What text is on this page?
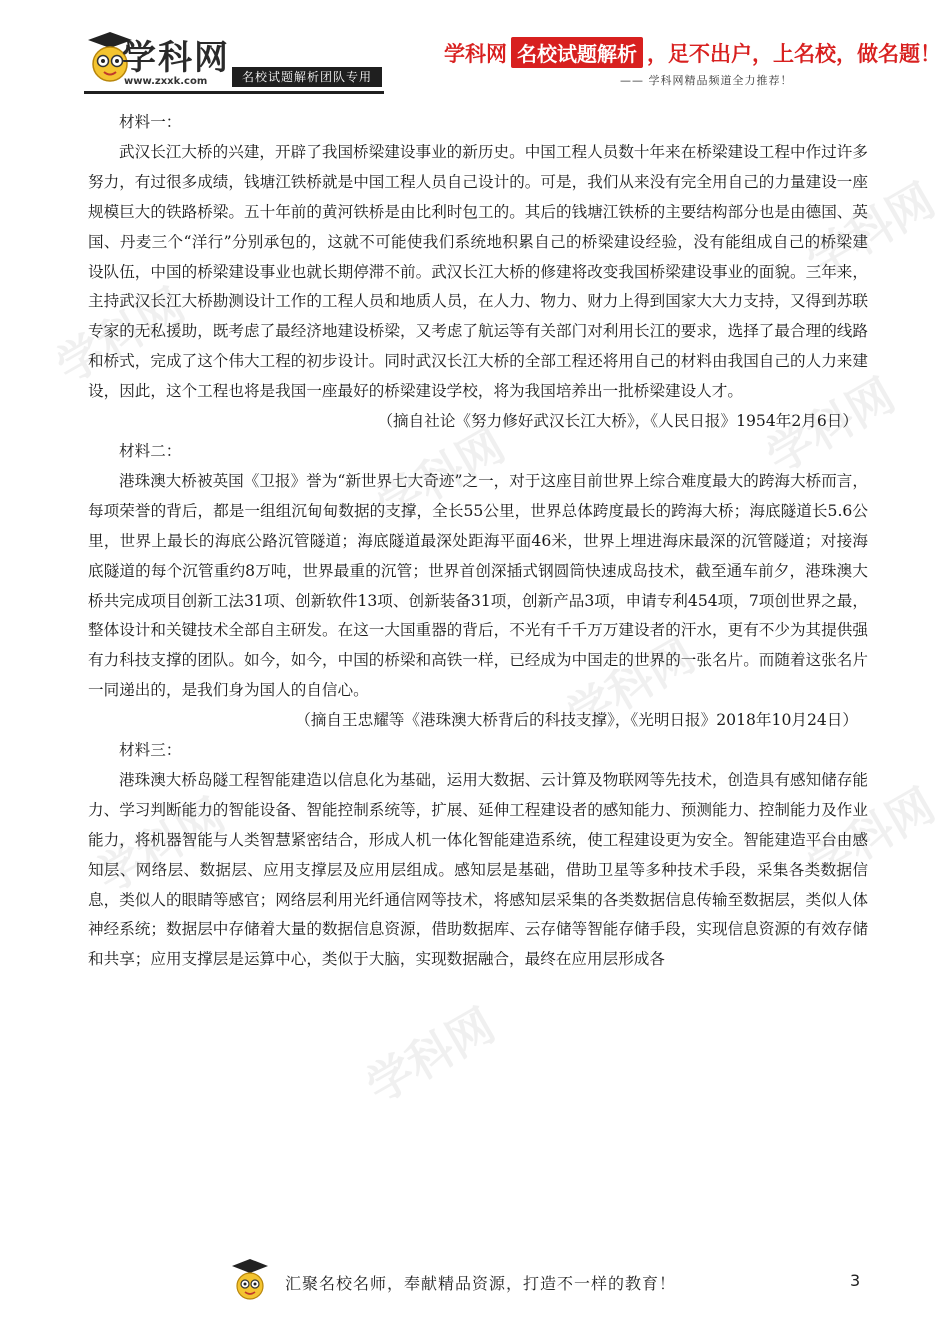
学科网
www.zxxk.com	名校试题解析团队专用
学科网 名校试题解析 ，足不出户，上名校，做名题！
—— 学科网精品频道全力推荐！
学科网
学科网
学科网	学科网
学科网
学科网	学科网
学科网

材料一：

武汉长江大桥的兴建，开辟了我国桥梁建设事业的新历史。中国工程人员数十年来在桥梁建设工程中作过许多努力，有过很多成绩，钱塘江铁桥就是中国工程人员自己设计的。可是，我们从来没有完全用自己的力量建设一座规模巨大的铁路桥梁。五十年前的黄河铁桥是由比利时包工的。其后的钱塘江铁桥的主要结构部分也是由德国、英国、丹麦三个“洋行”分别承包的，这就不可能使我们系统地积累自己的桥梁建设经验，没有能组成自己的桥梁建设队伍，中国的桥梁建设事业也就长期停滞不前。武汉长江大桥的修建将改变我国桥梁建设事业的面貌。三年来，主持武汉长江大桥勘测设计工作的工程人员和地质人员，在人力、物力、财力上得到国家大大力支持，又得到苏联专家的无私援助，既考虑了最经济地建设桥梁，又考虑了航运等有关部门对利用长江的要求，选择了最合理的线路和桥式，完成了这个伟大工程的初步设计。同时武汉长江大桥的全部工程还将用自己的材料由我国自己的人力来建设，因此，这个工程也将是我国一座最好的桥梁建设学校，将为我国培养出一批桥梁建设人才。

（摘自社论《努力修好武汉长江大桥》，《人民日报》1954年2月6日）

材料二：

港珠澳大桥被英国《卫报》誉为“新世界七大奇迹”之一，对于这座目前世界上综合难度最大的跨海大桥而言，每项荣誉的背后，都是一组组沉甸甸数据的支撑，全长55公里，世界总体跨度最长的跨海大桥；海底隧道长5.6公里，世界上最长的海底公路沉管隧道；海底隧道最深处距海平面46米，世界上埋进海床最深的沉管隧道；对接海底隧道的每个沉管重约8万吨，世界最重的沉管；世界首创深插式钢圆筒快速成岛技术，截至通车前夕，港珠澳大桥共完成项目创新工法31项、创新软件13项、创新装备31项，创新产品3项，申请专利454项，7项创世界之最，整体设计和关键技术全部自主研发。在这一大国重器的背后，不光有千千万万建设者的汗水，更有不少为其提供强有力科技支撑的团队。如今，如今，中国的桥梁和高铁一样，已经成为中国走的世界的一张名片。而随着这张名片一同递出的，是我们身为国人的自信心。

（摘自王忠耀等《港珠澳大桥背后的科技支撑》，《光明日报》2018年10月24日）

材料三：

港珠澳大桥岛隧工程智能建造以信息化为基础，运用大数据、云计算及物联网等先技术，创造具有感知储存能力、学习判断能力的智能设备、智能控制系统等，扩展、延伸工程建设者的感知能力、预测能力、控制能力及作业能力，将机器智能与人类智慧紧密结合，形成人机一体化智能建造系统，使工程建设更为安全。智能建造平台由感知层、网络层、数据层、应用支撑层及应用层组成。感知层是基础，借助卫星等多种技术手段，采集各类数据信息，类似人的眼睛等感官；网络层利用光纤通信网等技术，将感知层采集的各类数据信息传输至数据层，类似人体神经系统；数据层中存储着大量的数据信息资源，借助数据库、云存储等智能存储手段，实现信息资源的有效存储和共享；应用支撑层是运算中心，类似于大脑，实现数据融合，最终在应用层形成各

汇聚名校名师，奉献精品资源，打造不一样的教育！	3
